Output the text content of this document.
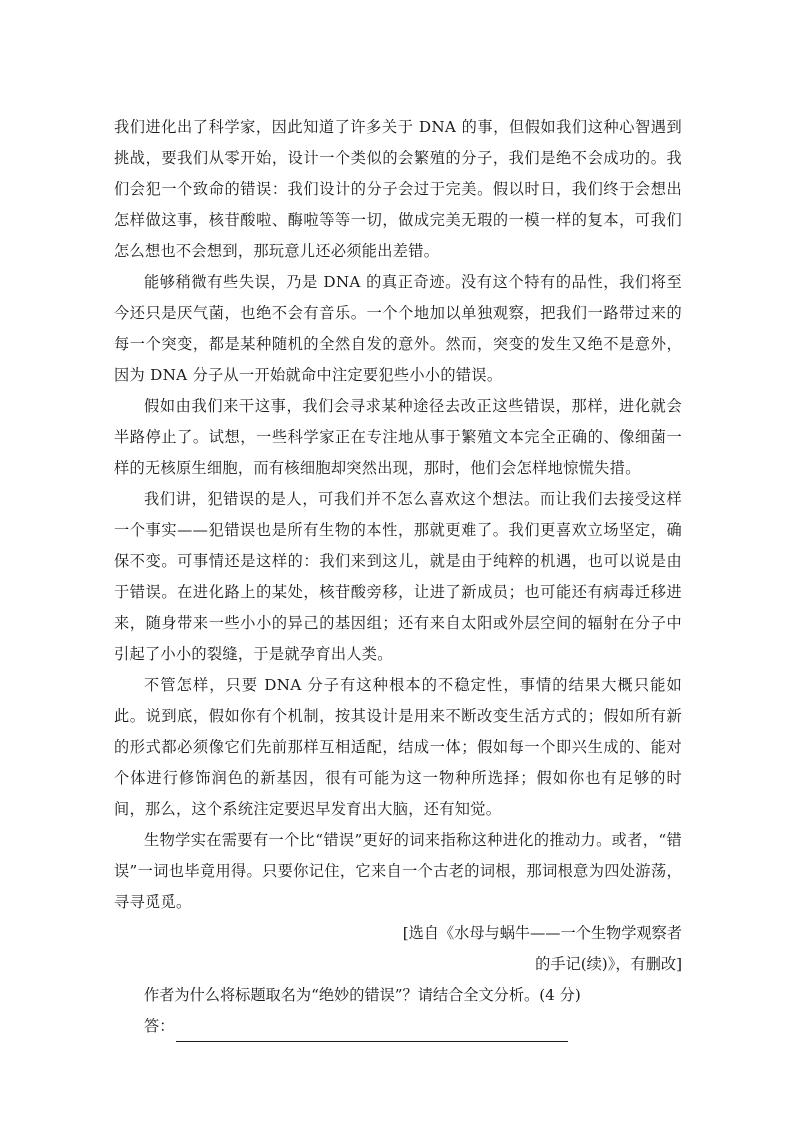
我们进化出了科学家，因此知道了许多关于 DNA 的事，但假如我们这种心智遇到挑战，要我们从零开始，设计一个类似的会繁殖的分子，我们是绝不会成功的。我们会犯一个致命的错误：我们设计的分子会过于完美。假以时日，我们终于会想出怎样做这事，核苷酸啦、酶啦等等一切，做成完美无瑕的一模一样的复本，可我们怎么想也不会想到，那玩意儿还必须能出差错。

能够稍微有些失误，乃是 DNA 的真正奇迹。没有这个特有的品性，我们将至今还只是厌气菌，也绝不会有音乐。一个个地加以单独观察，把我们一路带过来的每一个突变，都是某种随机的全然自发的意外。然而，突变的发生又绝不是意外，因为 DNA 分子从一开始就命中注定要犯些小小的错误。

假如由我们来干这事，我们会寻求某种途径去改正这些错误，那样，进化就会半路停止了。试想，一些科学家正在专注地从事于繁殖文本完全正确的、像细菌一样的无核原生细胞，而有核细胞却突然出现，那时，他们会怎样地惊慌失措。

我们讲，犯错误的是人，可我们并不怎么喜欢这个想法。而让我们去接受这样一个事实——犯错误也是所有生物的本性，那就更难了。我们更喜欢立场坚定，确保不变。可事情还是这样的：我们来到这儿，就是由于纯粹的机遇，也可以说是由于错误。在进化路上的某处，核苷酸旁移，让进了新成员；也可能还有病毒迁移进来，随身带来一些小小的异己的基因组；还有来自太阳或外层空间的辐射在分子中引起了小小的裂缝，于是就孕育出人类。

不管怎样，只要 DNA 分子有这种根本的不稳定性，事情的结果大概只能如此。说到底，假如你有个机制，按其设计是用来不断改变生活方式的；假如所有新的形式都必须像它们先前那样互相适配，结成一体；假如每一个即兴生成的、能对个体进行修饰润色的新基因，很有可能为这一物种所选择；假如你也有足够的时间，那么，这个系统注定要迟早发育出大脑，还有知觉。

生物学实在需要有一个比“错误”更好的词来指称这种进化的推动力。或者，“错误”一词也毕竟用得。只要你记住，它来自一个古老的词根，那词根意为四处游荡，寻寻觅觅。

[选自《水母与蜗牛——一个生物学观察者

的手记(续)》，有删改]

作者为什么将标题取名为“绝妙的错误”？请结合全文分析。(4 分)

答：
